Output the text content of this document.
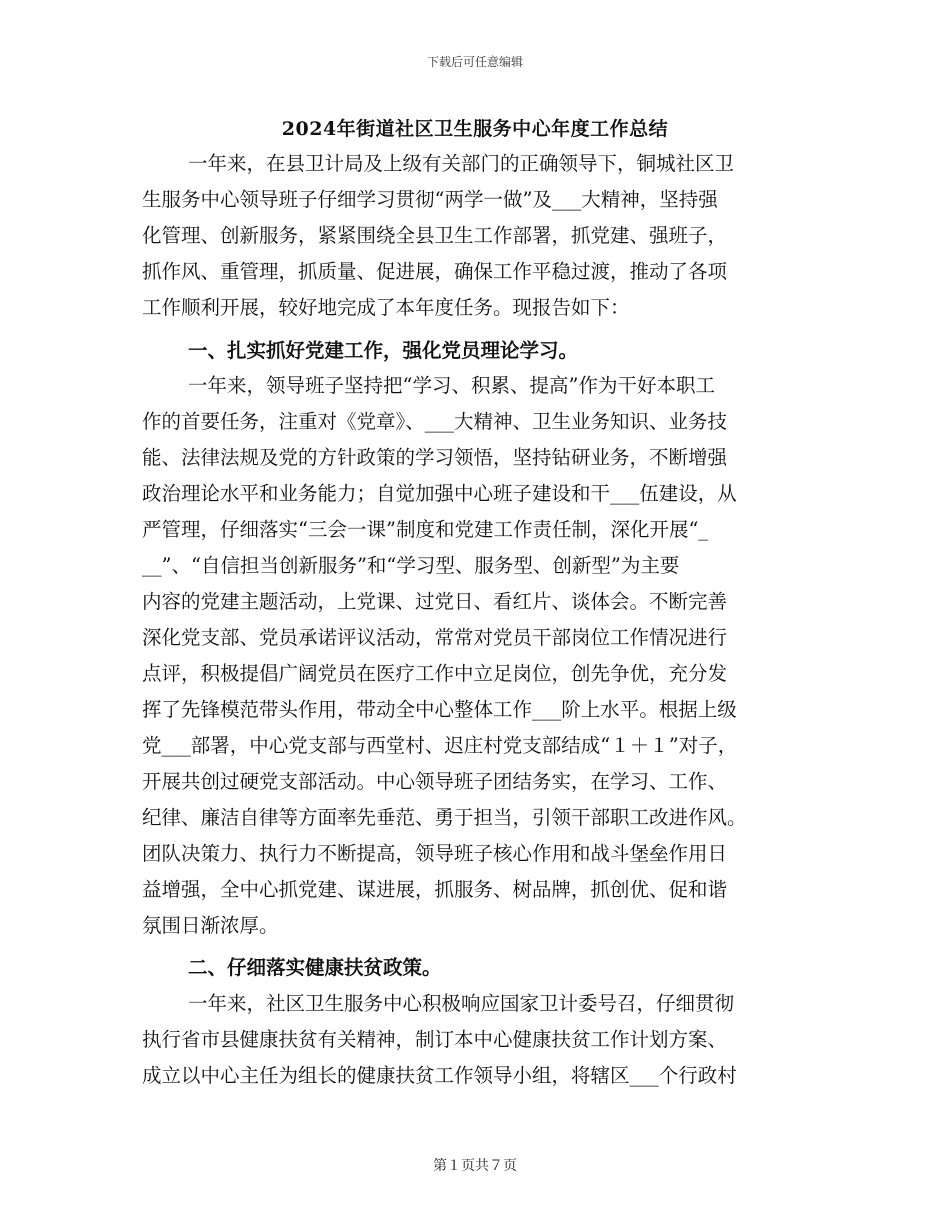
下载后可任意编辑
2024年街道社区卫生服务中心年度工作总结
一年来，在县卫计局及上级有关部门的正确领导下，铜城社区卫
生服务中心领导班子仔细学习贯彻“两学一做”及___大精神，坚持强
化管理、创新服务，紧紧围绕全县卫生工作部署，抓党建、强班子，
抓作风、重管理，抓质量、促进展，确保工作平稳过渡，推动了各项
工作顺利开展，较好地完成了本年度任务。现报告如下：
一、扎实抓好党建工作，强化党员理论学习。
一年来，领导班子坚持把“学习、积累、提高”作为干好本职工
作的首要任务，注重对《党章》、___大精神、卫生业务知识、业务技
能、法律法规及党的方针政策的学习领悟，坚持钻研业务，不断增强
政治理论水平和业务能力；自觉加强中心班子建设和干___伍建设，从
严管理，仔细落实“三会一课”制度和党建工作责任制，深化开展“_
__”、“自信担当创新服务”和“学习型、服务型、创新型”为主要
内容的党建主题活动，上党课、过党日、看红片、谈体会。不断完善
深化党支部、党员承诺评议活动，常常对党员干部岗位工作情况进行
点评，积极提倡广阔党员在医疗工作中立足岗位，创先争优，充分发
挥了先锋模范带头作用，带动全中心整体工作___阶上水平。根据上级
党___部署，中心党支部与西堂村、迟庄村党支部结成“１＋１”对子，
开展共创过硬党支部活动。中心领导班子团结务实，在学习、工作、
纪律、廉洁自律等方面率先垂范、勇于担当，引领干部职工改进作风。
团队决策力、执行力不断提高，领导班子核心作用和战斗堡垒作用日
益增强，全中心抓党建、谋进展，抓服务、树品牌，抓创优、促和谐
氛围日渐浓厚。
二、仔细落实健康扶贫政策。
一年来，社区卫生服务中心积极响应国家卫计委号召，仔细贯彻
执行省市县健康扶贫有关精神，制订本中心健康扶贫工作计划方案、
成立以中心主任为组长的健康扶贫工作领导小组，将辖区___个行政村
第１页共７页
